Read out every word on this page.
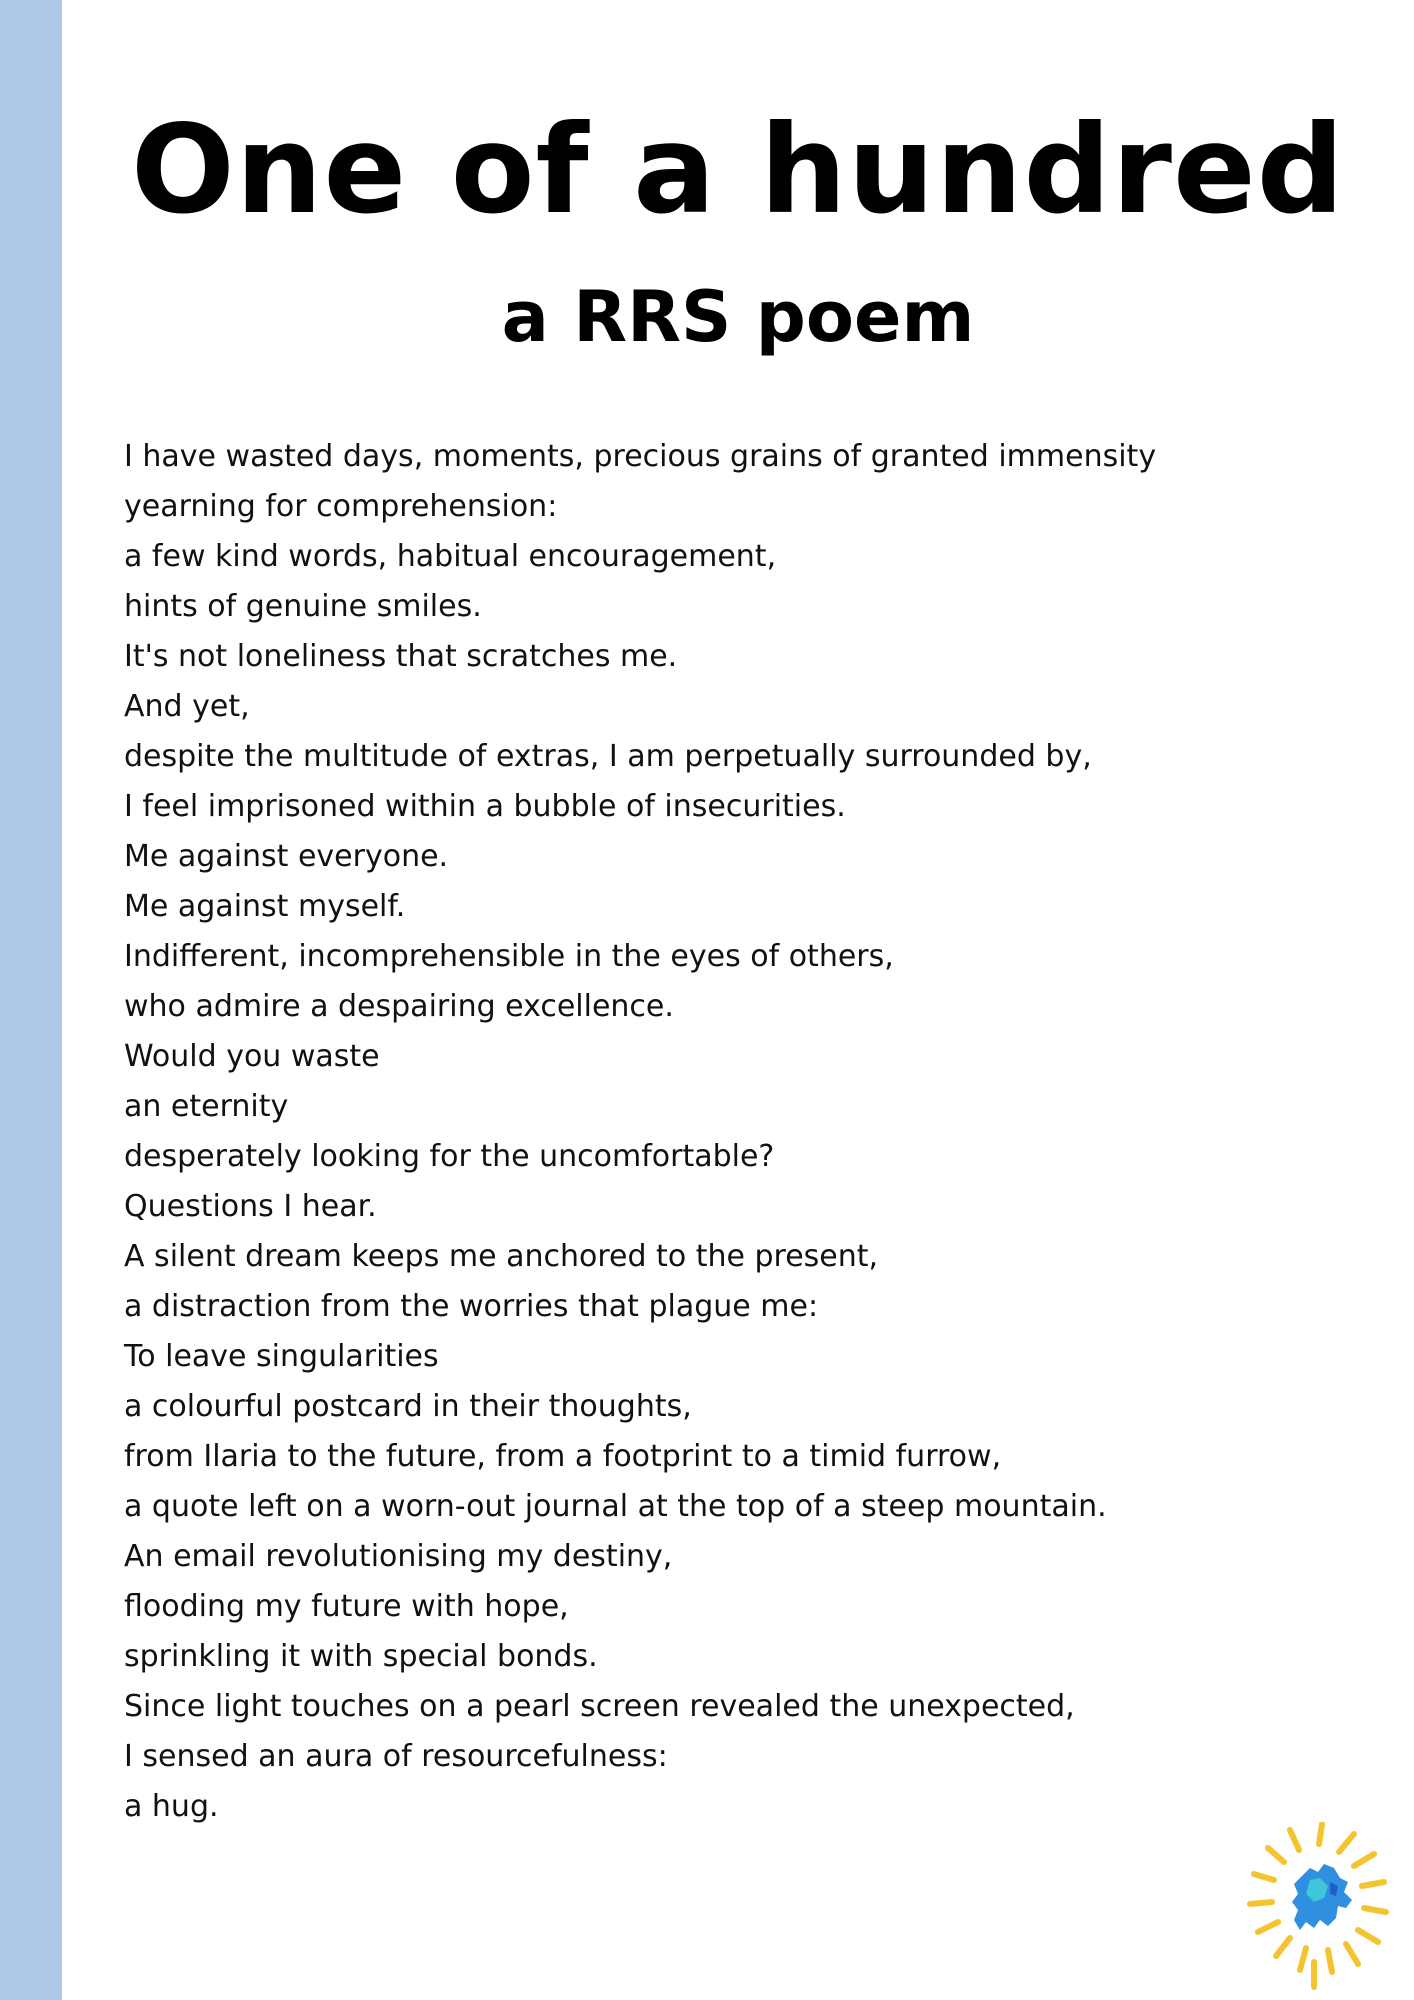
One of a hundred
a RRS poem
I have wasted days, moments, precious grains of granted immensity
yearning for comprehension:
a few kind words, habitual encouragement,
hints of genuine smiles.
It's not loneliness that scratches me.
And yet,
despite the multitude of extras, I am perpetually surrounded by,
I feel imprisoned within a bubble of insecurities.
Me against everyone.
Me against myself.
Indifferent, incomprehensible in the eyes of others,
who admire a despairing excellence.
Would you waste
an eternity
desperately looking for the uncomfortable?
Questions I hear.
A silent dream keeps me anchored to the present,
a distraction from the worries that plague me:
To leave singularities
a colourful postcard in their thoughts,
from Ilaria to the future, from a footprint to a timid furrow,
a quote left on a worn-out journal at the top of a steep mountain.
An email revolutionising my destiny,
flooding my future with hope,
sprinkling it with special bonds.
Since light touches on a pearl screen revealed the unexpected,
I sensed an aura of resourcefulness:
a hug.
